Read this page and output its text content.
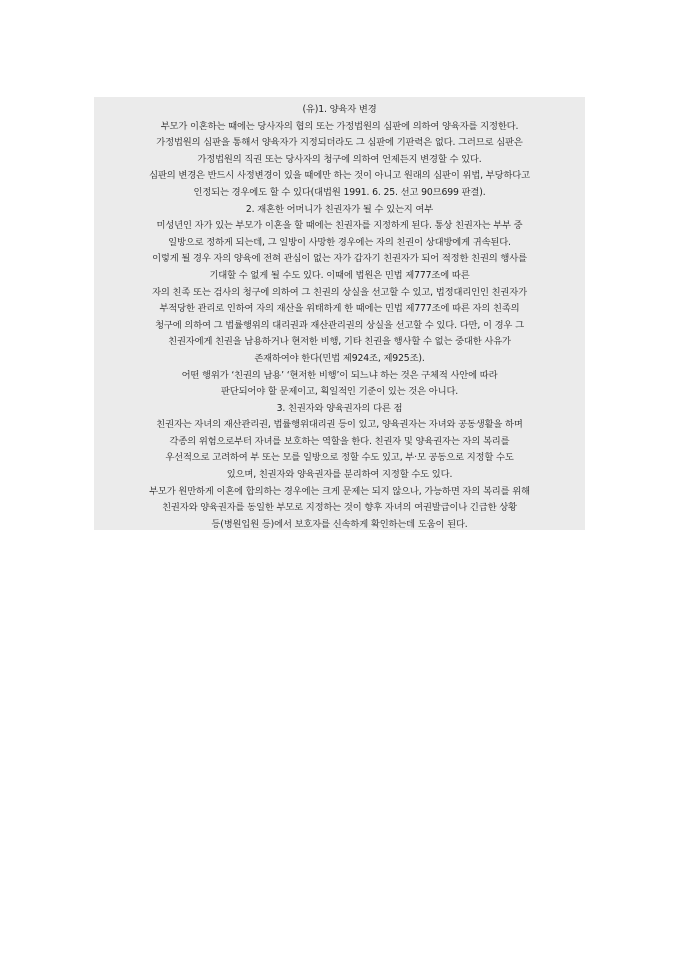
(유)1. 양육자 변경
부모가 이혼하는 때에는 당사자의 협의 또는 가정법원의 심판에 의하여 양육자를 지정한다.
가정법원의 심판을 통해서 양육자가 지정되더라도 그 심판에 기판력은 없다. 그러므로 심판은
가정법원의 직권 또는 당사자의 청구에 의하여 언제든지 변경할 수 있다.
심판의 변경은 반드시 사정변경이 있을 때에만 하는 것이 아니고 원래의 심판이 위법, 부당하다고
인정되는 경우에도 할 수 있다(대법원 1991. 6. 25. 선고 90므699 판결).
2. 재혼한 어머니가 친권자가 될 수 있는지 여부
미성년인 자가 있는 부모가 이혼을 할 때에는 친권자를 지정하게 된다. 통상 친권자는 부부 중
일방으로 정하게 되는데, 그 일방이 사망한 경우에는 자의 친권이 상대방에게 귀속된다.
이렇게 될 경우 자의 양육에 전혀 관심이 없는 자가 갑자기 친권자가 되어 적정한 친권의 행사를
기대할 수 없게 될 수도 있다. 이때에 법원은 민법 제777조에 따른
자의 친족 또는 검사의 청구에 의하여 그 친권의 상실을 선고할 수 있고, 법정대리인인 친권자가
부적당한 관리로 인하여 자의 재산을 위태하게 한 때에는 민법 제777조에 따른 자의 친족의
청구에 의하여 그 법률행위의 대리권과 재산관리권의 상실을 선고할 수 있다. 다만, 이 경우 그
친권자에게 친권을 남용하거나 현저한 비행, 기타 친권을 행사할 수 없는 중대한 사유가
존재하여야 한다(민법 제924조, 제925조).
어떤 행위가 ‘친권의 남용’ ‘현저한 비행’이 되느냐 하는 것은 구체적 사안에 따라
판단되어야 할 문제이고, 획일적인 기준이 있는 것은 아니다.
3. 친권자와 양육권자의 다른 점
친권자는 자녀의 재산관리권, 법률행위대리권 등이 있고, 양육권자는 자녀와 공동생활을 하며
각종의 위험으로부터 자녀를 보호하는 역할을 한다. 친권자 및 양육권자는 자의 복리를
우선적으로 고려하여 부 또는 모를 일방으로 정할 수도 있고, 부·모 공동으로 지정할 수도
있으며, 친권자와 양육권자를 분리하여 지정할 수도 있다.
부모가 원만하게 이혼에 합의하는 경우에는 크게 문제는 되지 않으나, 가능하면 자의 복리를 위해
친권자와 양육권자를 동일한 부모로 지정하는 것이 향후 자녀의 여권발급이나 긴급한 상황
등(병원입원 등)에서 보호자를 신속하게 확인하는데 도움이 된다.
